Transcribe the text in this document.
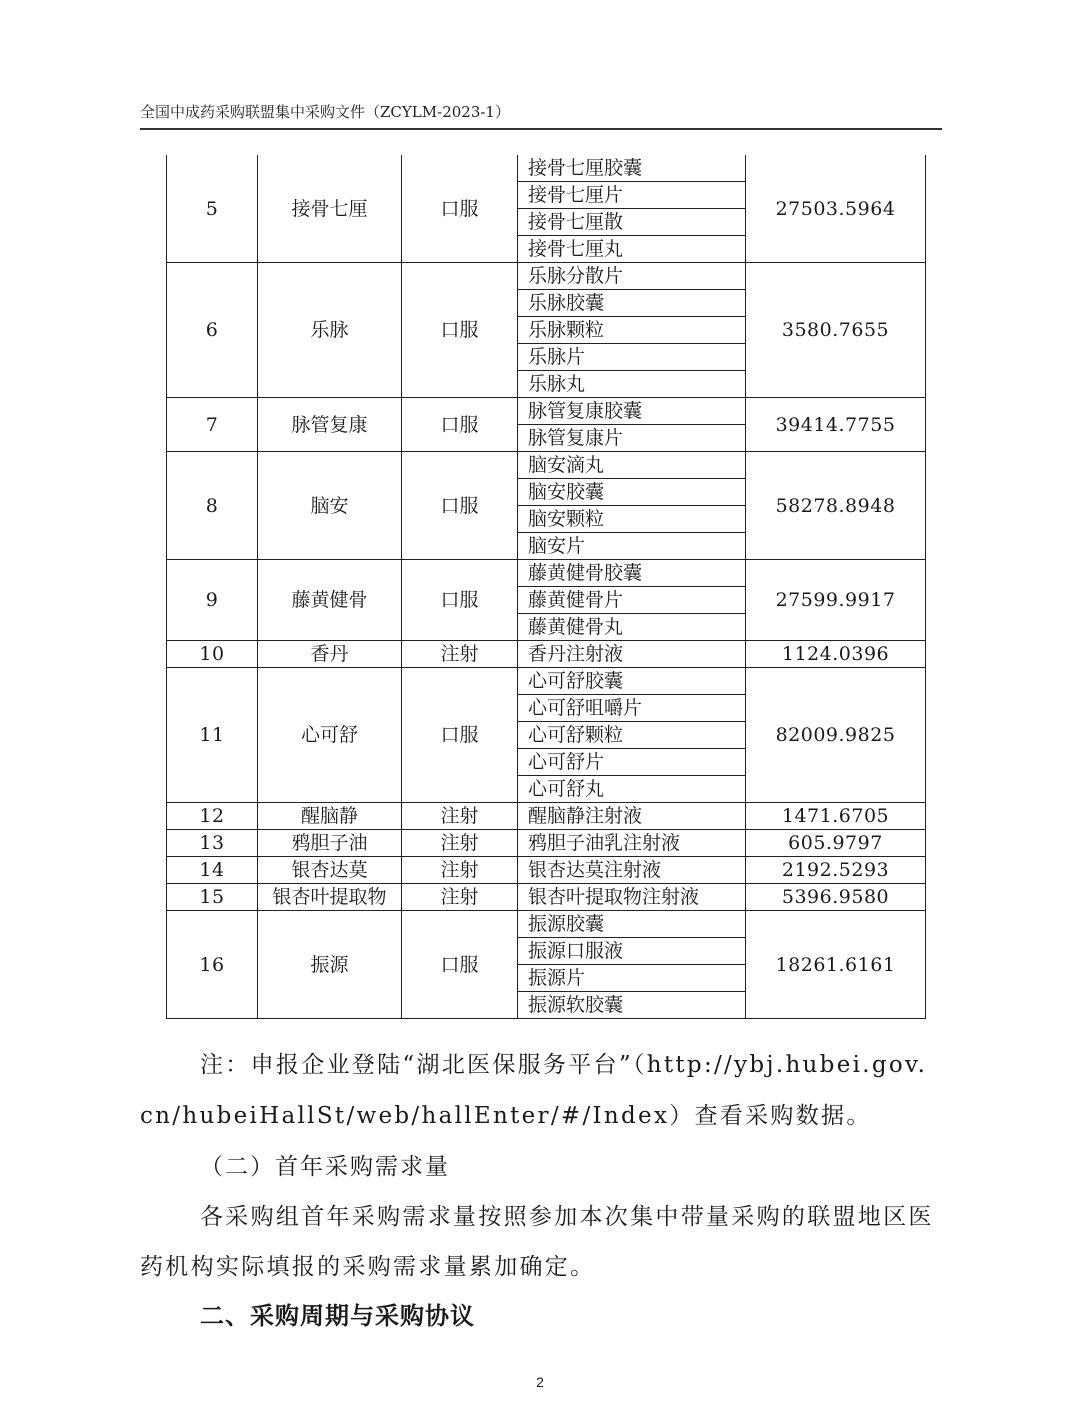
全国中成药采购联盟集中采购文件（ZCYLM-2023-1）
5	接骨七厘	口服	接骨七厘胶囊
接骨七厘片
接骨七厘散
接骨七厘丸	27503.5964
6	乐脉	口服	乐脉分散片
乐脉胶囊
乐脉颗粒
乐脉片
乐脉丸	3580.7655
7	脉管复康	口服	脉管复康胶囊
脉管复康片	39414.7755
8	脑安	口服	脑安滴丸
脑安胶囊
脑安颗粒
脑安片	58278.8948
9	藤黄健骨	口服	藤黄健骨胶囊
藤黄健骨片
藤黄健骨丸	27599.9917
10	香丹	注射	香丹注射液	1124.0396
11	心可舒	口服	心可舒胶囊
心可舒咀嚼片
心可舒颗粒
心可舒片
心可舒丸	82009.9825
12	醒脑静	注射	醒脑静注射液	1471.6705
13	鸦胆子油	注射	鸦胆子油乳注射液	605.9797
14	银杏达莫	注射	银杏达莫注射液	2192.5293
15	银杏叶提取物	注射	银杏叶提取物注射液	5396.9580
16	振源	口服	振源胶囊
振源口服液
振源片
振源软胶囊	18261.6161
注：申报企业登陆“湖北医保服务平台”（http://ybj.hubei.gov.
cn/hubeiHallSt/web/hallEnter/#/Index）查看采购数据。
（二）首年采购需求量
各采购组首年采购需求量按照参加本次集中带量采购的联盟地区医
药机构实际填报的采购需求量累加确定。
二、采购周期与采购协议
2
